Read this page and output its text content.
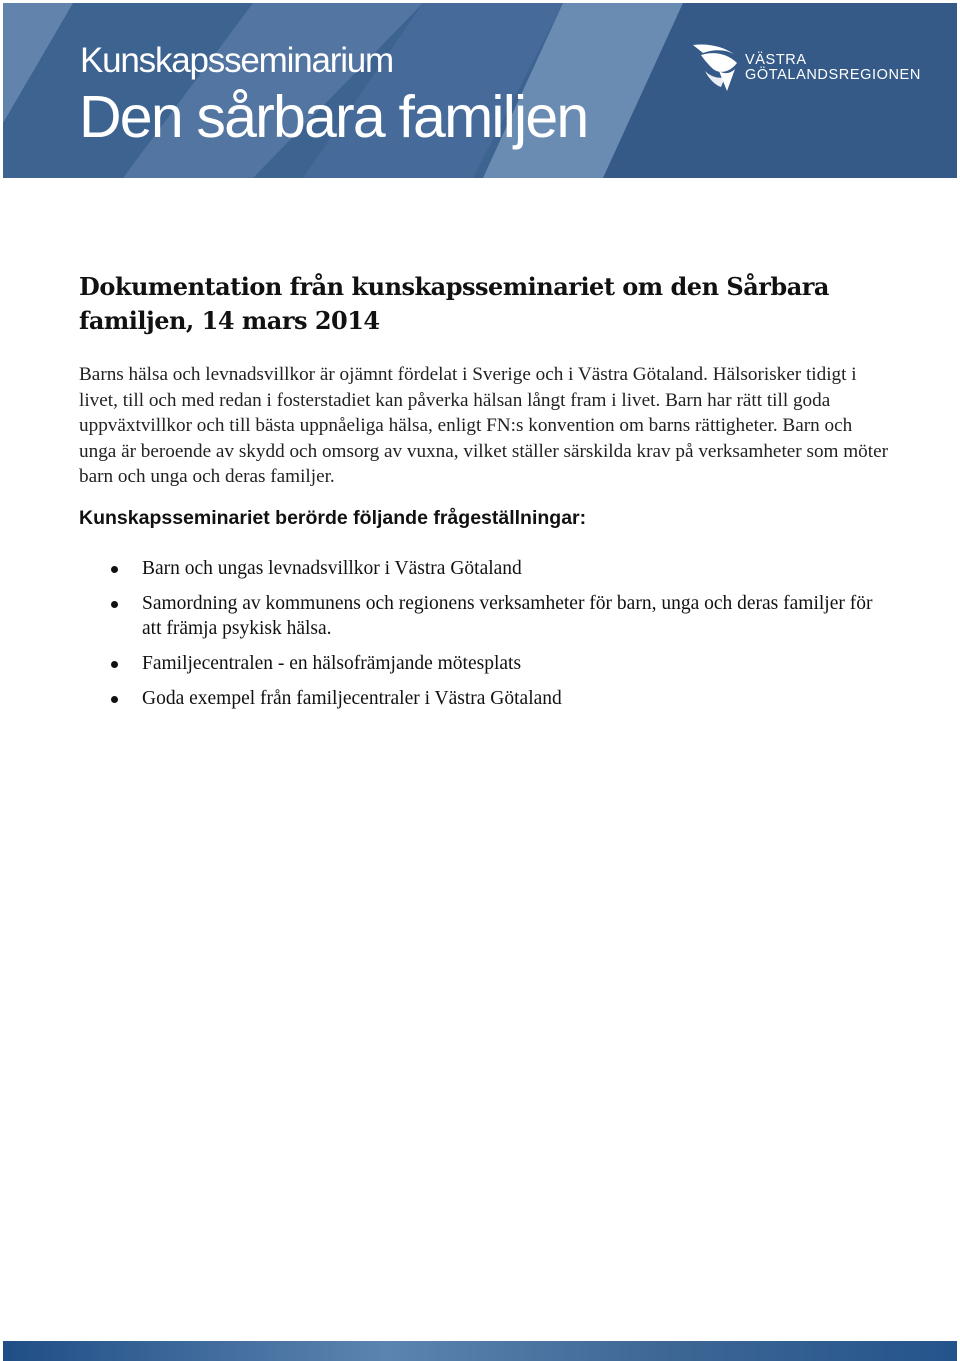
Kunskapsseminarium
Den sårbara familjen
VÄSTRA
GÖTALANDSREGIONEN
Dokumentation från kunskapsseminariet om den Sårbara familjen, 14 mars 2014
Barns hälsa och levnadsvillkor är ojämnt fördelat i Sverige och i Västra Götaland. Hälsorisker tidigt i livet, till och med redan i fosterstadiet kan påverka hälsan långt fram i livet. Barn har rätt till goda uppväxtvillkor och till bästa uppnåeliga hälsa, enligt FN:s konvention om barns rättigheter. Barn och unga är beroende av skydd och omsorg av vuxna, vilket ställer särskilda krav på verksamheter som möter barn och unga och deras familjer.
Kunskapsseminariet berörde följande frågeställningar:
Barn och ungas levnadsvillkor i Västra Götaland
Samordning av kommunens och regionens verksamheter för barn, unga och deras familjer för att främja psykisk hälsa.
Familjecentralen - en hälsofrämjande mötesplats
Goda exempel från familjecentraler i Västra Götaland
